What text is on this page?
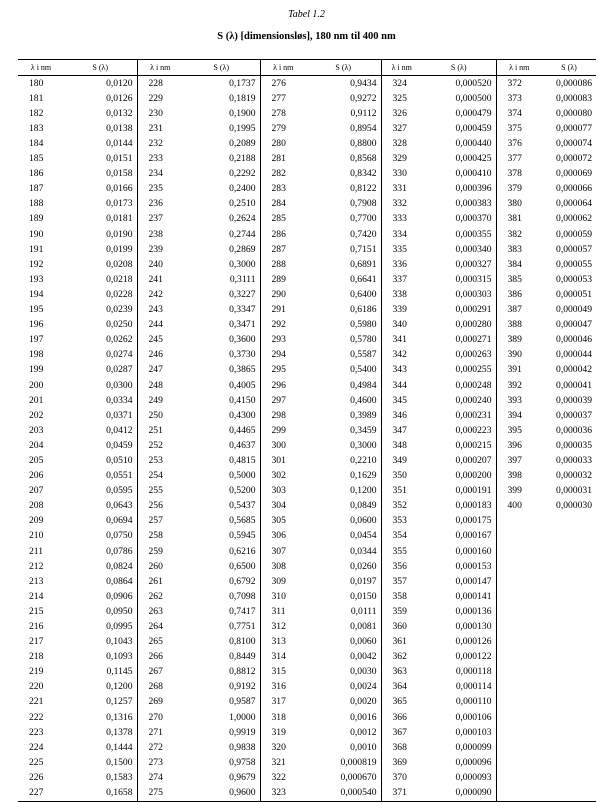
Tabel 1.2
S (λ) [dimensionsløs], 180 nm til 400 nm
λ i nm	S (λ)	λ i nm	S (λ)	λ i nm	S (λ)	λ i nm	S (λ)	λ i nm	S (λ)
180	0,0120	228	0,1737	276	0,9434	324	0,000520	372	0,000086
181	0,0126	229	0,1819	277	0,9272	325	0,000500	373	0,000083
182	0,0132	230	0,1900	278	0,9112	326	0,000479	374	0,000080
183	0,0138	231	0,1995	279	0,8954	327	0,000459	375	0,000077
184	0,0144	232	0,2089	280	0,8800	328	0,000440	376	0,000074
185	0,0151	233	0,2188	281	0,8568	329	0,000425	377	0,000072
186	0,0158	234	0,2292	282	0,8342	330	0,000410	378	0,000069
187	0,0166	235	0,2400	283	0,8122	331	0,000396	379	0,000066
188	0,0173	236	0,2510	284	0,7908	332	0,000383	380	0,000064
189	0,0181	237	0,2624	285	0,7700	333	0,000370	381	0,000062
190	0,0190	238	0,2744	286	0,7420	334	0,000355	382	0,000059
191	0,0199	239	0,2869	287	0,7151	335	0,000340	383	0,000057
192	0,0208	240	0,3000	288	0,6891	336	0,000327	384	0,000055
193	0,0218	241	0,3111	289	0,6641	337	0,000315	385	0,000053
194	0,0228	242	0,3227	290	0,6400	338	0,000303	386	0,000051
195	0,0239	243	0,3347	291	0,6186	339	0,000291	387	0,000049
196	0,0250	244	0,3471	292	0,5980	340	0,000280	388	0,000047
197	0,0262	245	0,3600	293	0,5780	341	0,000271	389	0,000046
198	0,0274	246	0,3730	294	0,5587	342	0,000263	390	0,000044
199	0,0287	247	0,3865	295	0,5400	343	0,000255	391	0,000042
200	0,0300	248	0,4005	296	0,4984	344	0,000248	392	0,000041
201	0,0334	249	0,4150	297	0,4600	345	0,000240	393	0,000039
202	0,0371	250	0,4300	298	0,3989	346	0,000231	394	0,000037
203	0,0412	251	0,4465	299	0,3459	347	0,000223	395	0,000036
204	0,0459	252	0,4637	300	0,3000	348	0,000215	396	0,000035
205	0,0510	253	0,4815	301	0,2210	349	0,000207	397	0,000033
206	0,0551	254	0,5000	302	0,1629	350	0,000200	398	0,000032
207	0,0595	255	0,5200	303	0,1200	351	0,000191	399	0,000031
208	0,0643	256	0,5437	304	0,0849	352	0,000183	400	0,000030
209	0,0694	257	0,5685	305	0,0600	353	0,000175		
210	0,0750	258	0,5945	306	0,0454	354	0,000167		
211	0,0786	259	0,6216	307	0,0344	355	0,000160		
212	0,0824	260	0,6500	308	0,0260	356	0,000153		
213	0,0864	261	0,6792	309	0,0197	357	0,000147		
214	0,0906	262	0,7098	310	0,0150	358	0,000141		
215	0,0950	263	0,7417	311	0,0111	359	0,000136		
216	0,0995	264	0,7751	312	0,0081	360	0,000130		
217	0,1043	265	0,8100	313	0,0060	361	0,000126		
218	0,1093	266	0,8449	314	0,0042	362	0,000122		
219	0,1145	267	0,8812	315	0,0030	363	0,000118		
220	0,1200	268	0,9192	316	0,0024	364	0,000114		
221	0,1257	269	0,9587	317	0,0020	365	0,000110		
222	0,1316	270	1,0000	318	0,0016	366	0,000106		
223	0,1378	271	0,9919	319	0,0012	367	0,000103		
224	0,1444	272	0,9838	320	0,0010	368	0,000099		
225	0,1500	273	0,9758	321	0,000819	369	0,000096		
226	0,1583	274	0,9679	322	0,000670	370	0,000093		
227	0,1658	275	0,9600	323	0,000540	371	0,000090		
